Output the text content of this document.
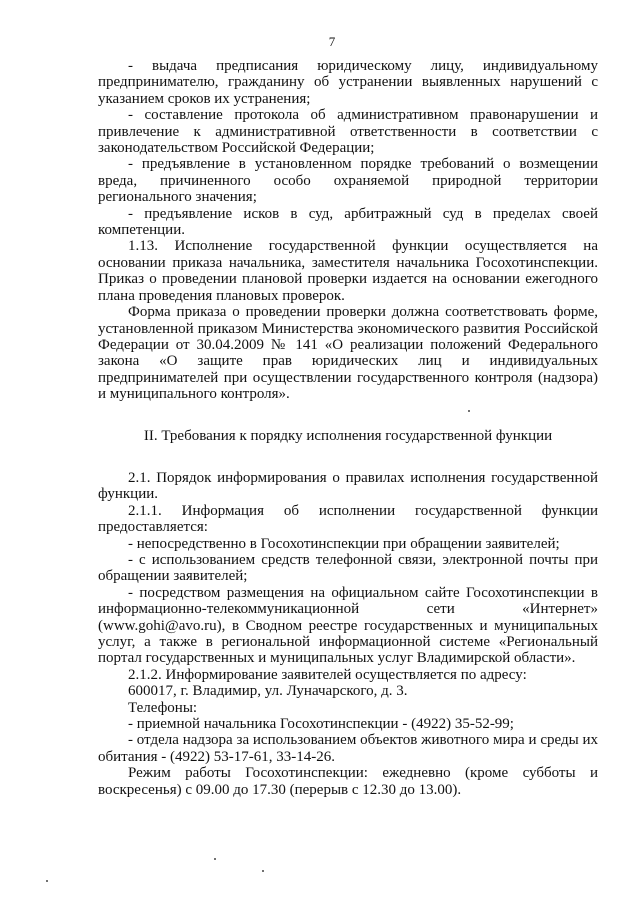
7

- выдача предписания юридическому лицу, индивидуальному предпринимателю, гражданину об устранении выявленных нарушений с указанием сроков их устранения;

- составление протокола об административном правонарушении и привлечение к административной ответственности в соответствии с законодательством Российской Федерации;

- предъявление в установленном порядке требований о возмещении вреда, причиненного особо охраняемой природной территории регионального значения;

- предъявление исков в суд, арбитражный суд в пределах своей компетенции.

1.13. Исполнение государственной функции осуществляется на основании приказа начальника, заместителя начальника Госохотинспекции. Приказ о проведении плановой проверки издается на основании ежегодного плана проведения плановых проверок.

Форма приказа о проведении проверки должна соответствовать форме, установленной приказом Министерства экономического развития Российской Федерации от 30.04.2009 № 141 «О реализации положений Федерального закона «О защите прав юридических лиц и индивидуальных предпринимателей при осуществлении государственного контроля (надзора) и муниципального контроля».

II. Требования к порядку исполнения государственной функции

2.1. Порядок информирования о правилах исполнения государственной функции.

2.1.1. Информация об исполнении государственной функции предоставляется:

- непосредственно в Госохотинспекции при обращении заявителей;

- с использованием средств телефонной связи, электронной почты при обращении заявителей;

- посредством размещения на официальном сайте Госохотинспекции в информационно-телекоммуникационной сети «Интернет» (www.gohi@avo.ru), в Сводном реестре государственных и муниципальных услуг, а также в региональной информационной системе «Региональный портал государственных и муниципальных услуг Владимирской области».

2.1.2. Информирование заявителей осуществляется по адресу:

600017, г. Владимир, ул. Луначарского, д. 3.

Телефоны:

- приемной начальника Госохотинспекции - (4922) 35-52-99;

- отдела надзора за использованием объектов животного мира и среды их обитания - (4922) 53-17-61, 33-14-26.

Режим работы Госохотинспекции: ежедневно (кроме субботы и воскресенья) с 09.00 до 17.30 (перерыв с 12.30 до 13.00).
